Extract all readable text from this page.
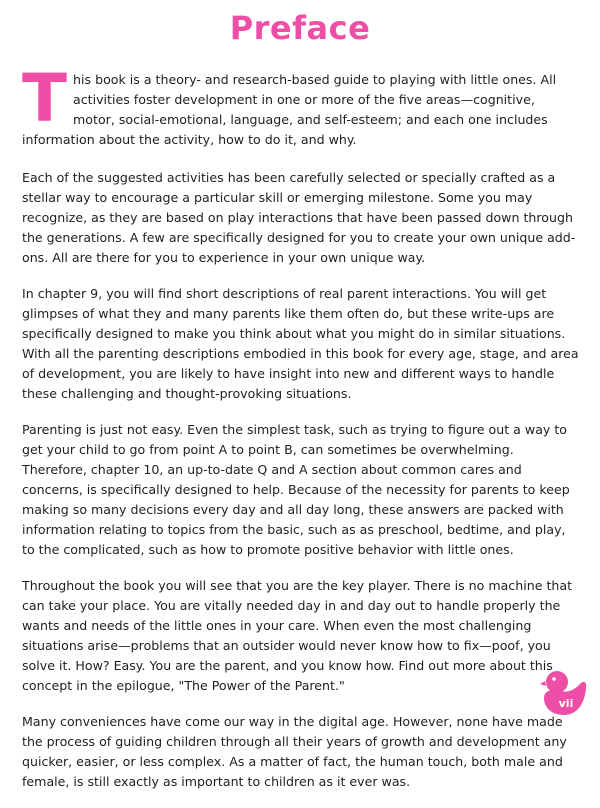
Preface

This book is a theory- and research-based guide to playing with little ones. All activities foster development in one or more of the five areas—cognitive, motor, social-emotional, language, and self-esteem; and each one includes information about the activity, how to do it, and why.

Each of the suggested activities has been carefully selected or specially crafted as a stellar way to encourage a particular skill or emerging milestone. Some you may recognize, as they are based on play interactions that have been passed down through the generations. A few are specifically designed for you to create your own unique add-ons. All are there for you to experience in your own unique way.

In chapter 9, you will find short descriptions of real parent interactions. You will get glimpses of what they and many parents like them often do, but these write-ups are specifically designed to make you think about what you might do in similar situations. With all the parenting descriptions embodied in this book for every age, stage, and area of development, you are likely to have insight into new and different ways to handle these challenging and thought-provoking situations.

Parenting is just not easy. Even the simplest task, such as trying to figure out a way to get your child to go from point A to point B, can sometimes be overwhelming. Therefore, chapter 10, an up-to-date Q and A section about common cares and concerns, is specifically designed to help. Because of the necessity for parents to keep making so many decisions every day and all day long, these answers are packed with information relating to topics from the basic, such as as preschool, bedtime, and play, to the complicated, such as how to promote positive behavior with little ones.

Throughout the book you will see that you are the key player. There is no machine that can take your place. You are vitally needed day in and day out to handle properly the wants and needs of the little ones in your care. When even the most challenging situations arise—problems that an outsider would never know how to fix—poof, you solve it. How? Easy. You are the parent, and you know how. Find out more about this concept in the epilogue, "The Power of the Parent."

Many conveniences have come our way in the digital age. However, none have made the process of guiding children through all their years of growth and development any quicker, easier, or less complex. As a matter of fact, the human touch, both male and female, is still exactly as important to children as it ever was.

vii
